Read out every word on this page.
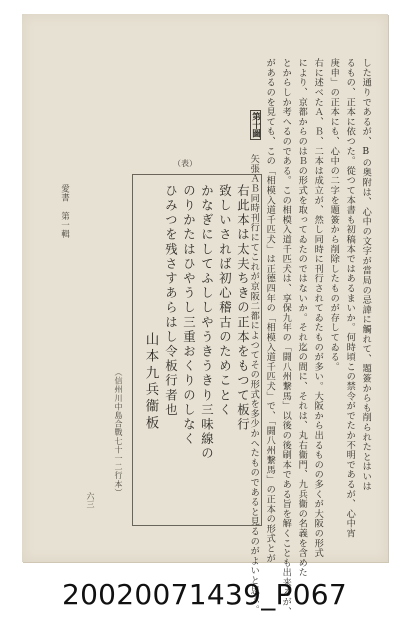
した通りであるが、Bの奥附は、心中の文字が當局の忌諱に觸れて、題簽からも削られたとはいは
るもの、正本に依つた。從つて本書も初稿本ではあるまいか。何時頃この禁令がでたか不明であるが、心中宵
庚申」の正本にも、心中の二字を題簽から削除したものが存してゐる。
右に述べたＡ、Ｂ、二本は成立が、然し同時に刊行されてゐたものが多い。大阪から出るものの多くが大阪の形式
により、京都からのはＢの形式を取ってゐたのではないか。それ迄の間に、それは、丸右衞門、九兵衞の名義を含めた
とからしか考へるのである。この相模入道千匹犬は、享保九年の「闘八州繋馬」以後の後刷本である旨を解くことも出来るが、
があるのを見ても、この「相模入道千匹犬」は正德四年の「相模入道千匹犬」で、「闘八州繋馬」の正本の形式とが
矢張ＡＢ同時刊行にてこれが京阪二都によつてその形式を多少かへたものであると見るのがよいと思ふ。
第十圖
（表）
右此本は太夫ちきの正本をもつて板行
致しいされば初心稽古のためことく
かなぎにしてふししやうきうきり三味線の
のりかたはひやうし三重おくりのしなく
ひみつを残さすあらはし令板行者也
山本九兵衞板
（信州川中島合戰七十一二行本）
愛書　第一輯
六三
20020071439_P067
